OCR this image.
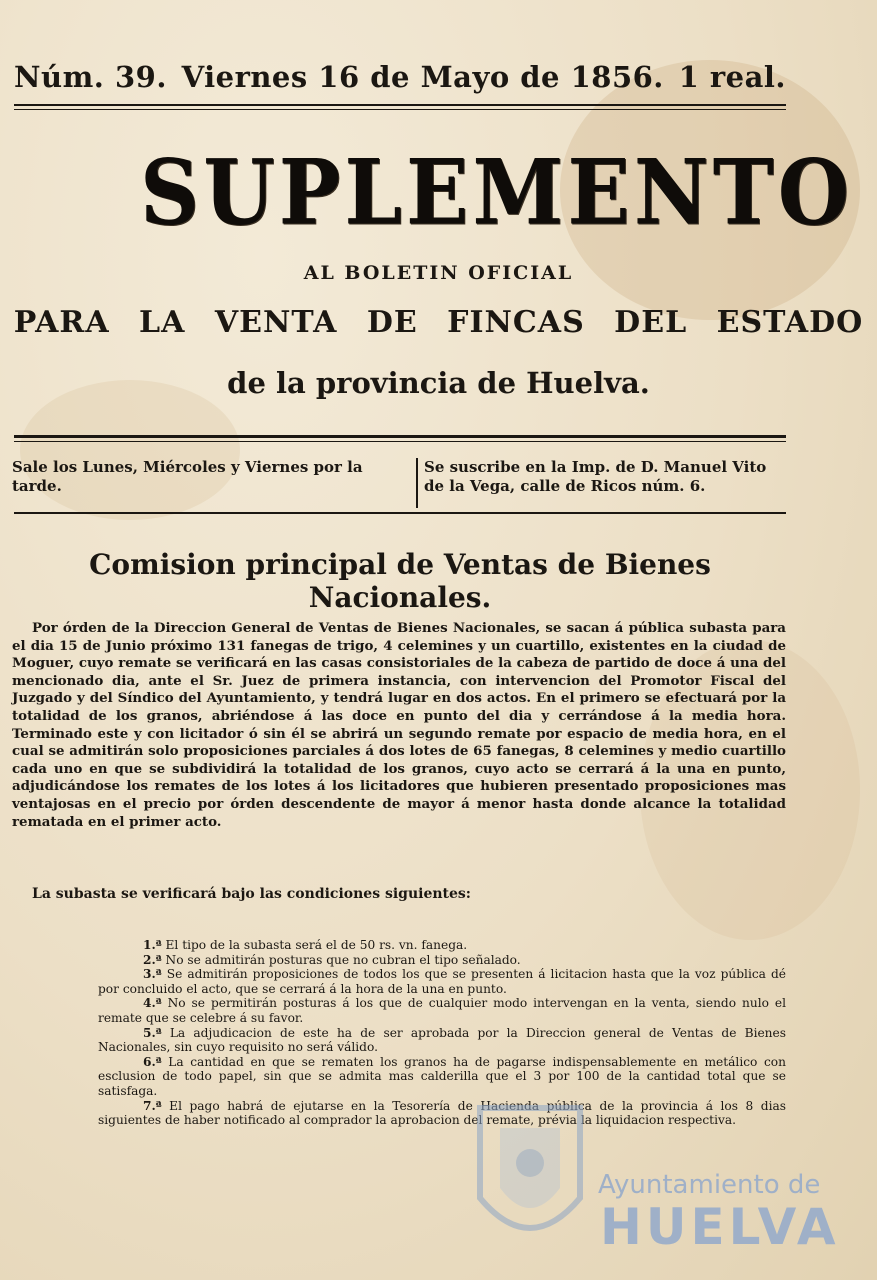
Núm. 39. Viernes 16 de Mayo de 1856. 1 real.
SUPLEMENTO
AL BOLETIN OFICIAL
PARA LA VENTA DE FINCAS DEL ESTADO
de la provincia de Huelva.
Sale los Lunes, Miércoles y Viernes por la tarde.
Se suscribe en la Imp. de D. Manuel Vito de la Vega, calle de Ricos núm. 6.
Comision principal de Ventas de Bienes Nacionales.
Por órden de la Direccion General de Ventas de Bienes Nacionales, se sacan á pública subasta para el dia 15 de Junio próximo 131 fanegas de trigo, 4 celemines y un cuartillo, existentes en la ciudad de Moguer, cuyo remate se verificará en las casas consistoriales de la cabeza de partido de doce á una del mencionado dia, ante el Sr. Juez de primera instancia, con intervencion del Promotor Fiscal del Juzgado y del Síndico del Ayuntamiento, y tendrá lugar en dos actos. En el primero se efectuará por la totalidad de los granos, abriéndose á las doce en punto del dia y cerrándose á la media hora. Terminado este y con licitador ó sin él se abrirá un segundo remate por espacio de media hora, en el cual se admitirán solo proposiciones parciales á dos lotes de 65 fanegas, 8 celemines y medio cuartillo cada uno en que se subdividirá la totalidad de los granos, cuyo acto se cerrará á la una en punto, adjudicándose los remates de los lotes á los licitadores que hubieren presentado proposiciones mas ventajosas en el precio por órden descendente de mayor á menor hasta donde alcance la totalidad rematada en el primer acto.
La subasta se verificará bajo las condiciones siguientes:

1.ª El tipo de la subasta será el de 50 rs. vn. fanega.

2.ª No se admitirán posturas que no cubran el tipo señalado.

3.ª Se admitirán proposiciones de todos los que se presenten á licitacion hasta que la voz pública dé por concluido el acto, que se cerrará á la hora de la una en punto.

4.ª No se permitirán posturas á los que de cualquier modo intervengan en la venta, siendo nulo el remate que se celebre á su favor.

5.ª La adjudicacion de este ha de ser aprobada por la Direccion general de Ventas de Bienes Nacionales, sin cuyo requisito no será válido.

6.ª La cantidad en que se rematen los granos ha de pagarse indispensablemente en metálico con esclusion de todo papel, sin que se admita mas calderilla que el 3 por 100 de la cantidad total que se satisfaga.

7.ª El pago habrá de ejutarse en la Tesorería de Hacienda pública de la provincia á los 8 dias siguientes de haber notificado al comprador la aprobacion del remate, prévia la liquidacion respectiva.

Ayuntamiento de
HUELVA
